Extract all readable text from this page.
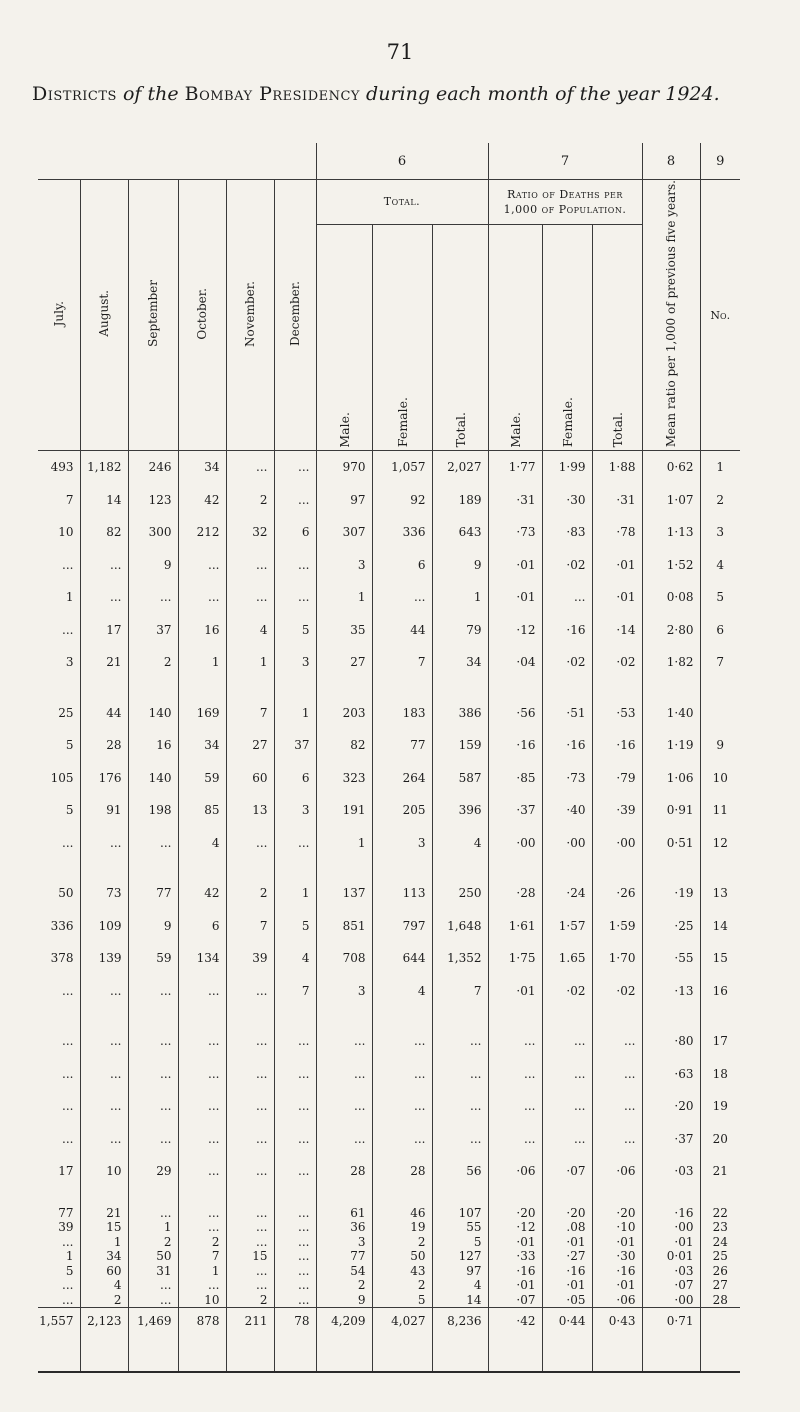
71
Districts of the Bombay Presidency during each month of the year 1924.
						6			7			8	9
July.	August.	September	October.	November.	December.	Total.			Ratio of Deaths per 1,000 of Population.			Mean ratio per 1,000 of previous five years.	No.
						Male.	Female.	Total.	Male.	Female.	Total.		

493	1,182	246	34	...	...	970	1,057	2,027	1·77	1·99	1·88	0·62	1
7	14	123	42	2	...	97	92	189	·31	·30	·31	1·07	2
10	82	300	212	32	6	307	336	643	·73	·83	·78	1·13	3
...	...	9	...	...	...	3	6	9	·01	·02	·01	1·52	4
1	...	...	...	...	...	1	...	1	·01	...	·01	0·08	5
...	17	37	16	4	5	35	44	79	·12	·16	·14	2·80	6
3	21	2	1	1	3	27	7	34	·04	·02	·02	1·82	7

25	44	140	169	7	1	203	183	386	·56	·51	·53	1·40	
5	28	16	34	27	37	82	77	159	·16	·16	·16	1·19	9
105	176	140	59	60	6	323	264	587	·85	·73	·79	1·06	10
5	91	198	85	13	3	191	205	396	·37	·40	·39	0·91	11
...	...	...	4	...	...	1	3	4	·00	·00	·00	0·51	12

50	73	77	42	2	1	137	113	250	·28	·24	·26	·19	13
336	109	9	6	7	5	851	797	1,648	1·61	1·57	1·59	·25	14
378	139	59	134	39	4	708	644	1,352	1·75	1.65	1·70	·55	15
...	...	...	...	...	7	3	4	7	·01	·02	·02	·13	16

...	...	...	...	...	...	...	...	...	...	...	...	·80	17
...	...	...	...	...	...	...	...	...	...	...	...	·63	18
...	...	...	...	...	...	...	...	...	...	...	...	·20	19
...	...	...	...	...	...	...	...	...	...	...	...	·37	20
17	10	29	...	...	...	28	28	56	·06	·07	·06	·03	21

77	21	...	...	...	...	61	46	107	·20	·20	·20	·16	22
39	15	1	...	...	...	36	19	55	·12	.08	·10	·00	23
...	1	2	2	...	...	3	2	5	·01	·01	·01	·01	24
1	34	50	7	15	...	77	50	127	·33	·27	·30	0·01	25
5	60	31	1	...	...	54	43	97	·16	·16	·16	·03	26
...	4	...	...	...	...	2	2	4	·01	·01	·01	·07	27
...	2	...	10	2	...	9	5	14	·07	·05	·06	·00	28
1,557	2,123	1,469	878	211	78	4,209	4,027	8,236	·42	0·44	0·43	0·71	
